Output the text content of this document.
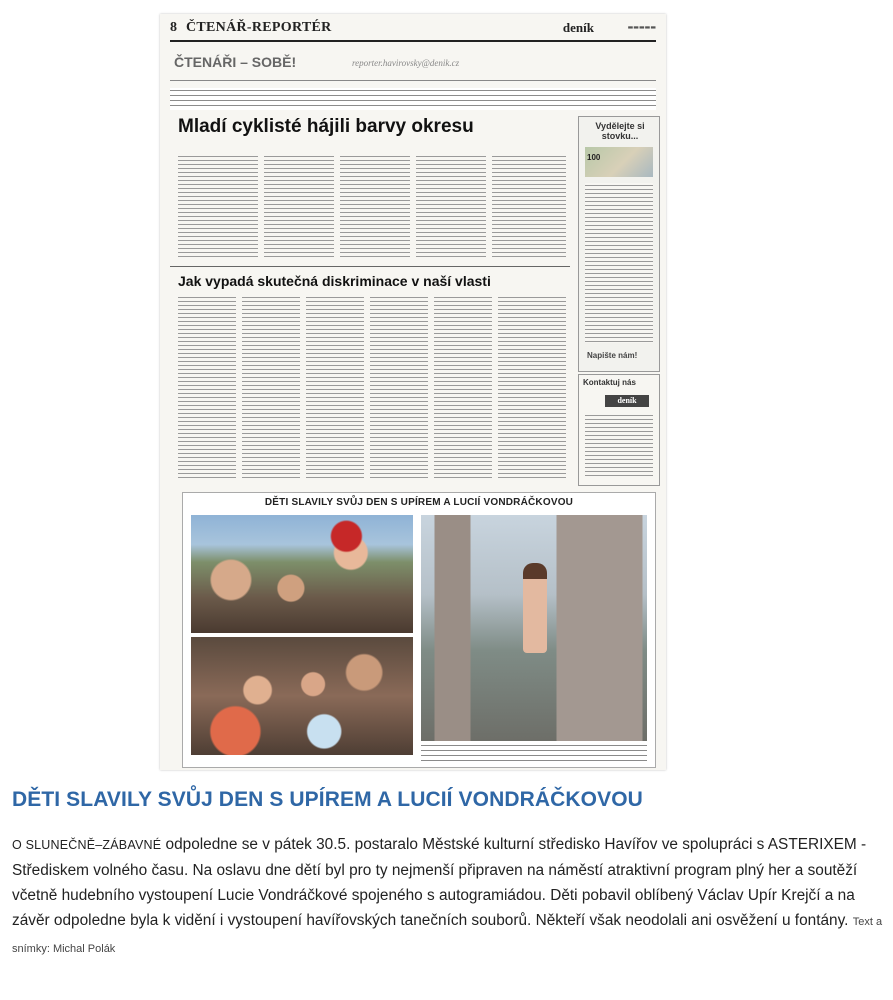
8 ČTENÁŘ-REPORTÉR	deník	▬▬▬▬▬
ČTENÁŘI – SOBĚ!	reporter.havirovsky@denik.cz
Mladí cyklisté hájili barvy okresu
Jak vypadá skutečná diskriminace v naší vlasti
Vydělejte si stovku...
100
Napište nám!
Kontaktuj nás
deník
DĚTI SLAVILY SVŮJ DEN S UPÍREM A LUCIÍ VONDRÁČKOVOU
DĚTI SLAVILY SVŮJ DEN S UPÍREM A LUCIÍ VONDRÁČKOVOU

O SLUNEČNĚ–ZÁBAVNÉ odpoledne se v pátek 30.5. postaralo Městské kulturní středisko Havířov ve spolupráci s ASTERIXEM - Střediskem volného času. Na oslavu dne dětí byl pro ty nejmenší připraven na náměstí atraktivní program plný her a soutěží včetně hudebního vystoupení Lucie Vondráčkové spojeného s autogramiádou. Děti pobavil oblíbený Václav Upír Krejčí a na závěr odpoledne byla k vidění i vystoupení havířovských tanečních souborů. Někteří však neodolali ani osvěžení u fontány. Text a snímky: Michal Polák
